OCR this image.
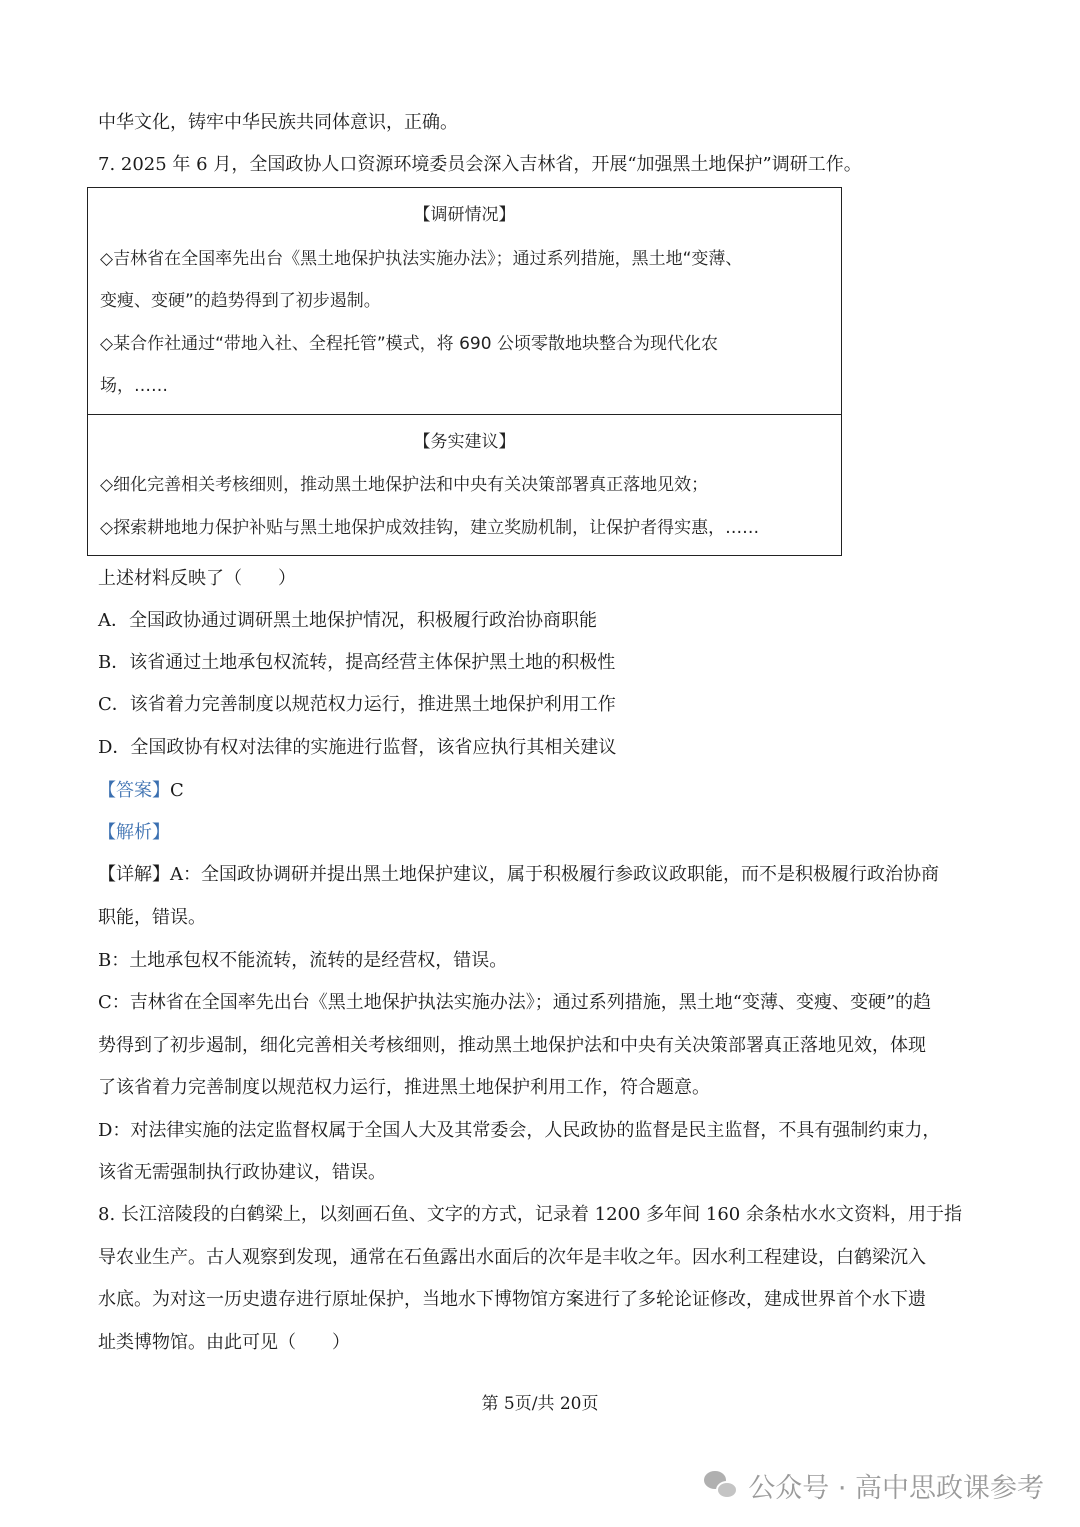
中华文化，铸牢中华民族共同体意识，正确。
7. 2025 年 6 月，全国政协人口资源环境委员会深入吉林省，开展“加强黑土地保护”调研工作。
【调研情况】
◇吉林省在全国率先出台《黑土地保护执法实施办法》；通过系列措施，黑土地“变薄、
变瘦、变硬”的趋势得到了初步遏制。
◇某合作社通过“带地入社、全程托管”模式，将 690 公顷零散地块整合为现代化农
场，……
【务实建议】
◇细化完善相关考核细则，推动黑土地保护法和中央有关决策部署真正落地见效；
◇探索耕地地力保护补贴与黑土地保护成效挂钩，建立奖励机制，让保护者得实惠，……
上述材料反映了（　　）
A．全国政协通过调研黑土地保护情况，积极履行政治协商职能
B．该省通过土地承包权流转，提高经营主体保护黑土地的积极性
C．该省着力完善制度以规范权力运行，推进黑土地保护利用工作
D．全国政协有权对法律的实施进行监督，该省应执行其相关建议
【答案】C
【解析】
【详解】A：全国政协调研并提出黑土地保护建议，属于积极履行参政议政职能，而不是积极履行政治协商
职能，错误。
B：土地承包权不能流转，流转的是经营权，错误。
C：吉林省在全国率先出台《黑土地保护执法实施办法》；通过系列措施，黑土地“变薄、变瘦、变硬”的趋
势得到了初步遏制，细化完善相关考核细则，推动黑土地保护法和中央有关决策部署真正落地见效，体现
了该省着力完善制度以规范权力运行，推进黑土地保护利用工作，符合题意。
D：对法律实施的法定监督权属于全国人大及其常委会，人民政协的监督是民主监督，不具有强制约束力，
该省无需强制执行政协建议，错误。
8. 长江涪陵段的白鹤梁上，以刻画石鱼、文字的方式，记录着 1200 多年间 160 余条枯水水文资料，用于指
导农业生产。古人观察到发现，通常在石鱼露出水面后的次年是丰收之年。因水利工程建设，白鹤梁沉入
水底。为对这一历史遗存进行原址保护，当地水下博物馆方案进行了多轮论证修改，建成世界首个水下遗
址类博物馆。由此可见（　　）
第 5页/共 20页
公众号 · 高中思政课参考
